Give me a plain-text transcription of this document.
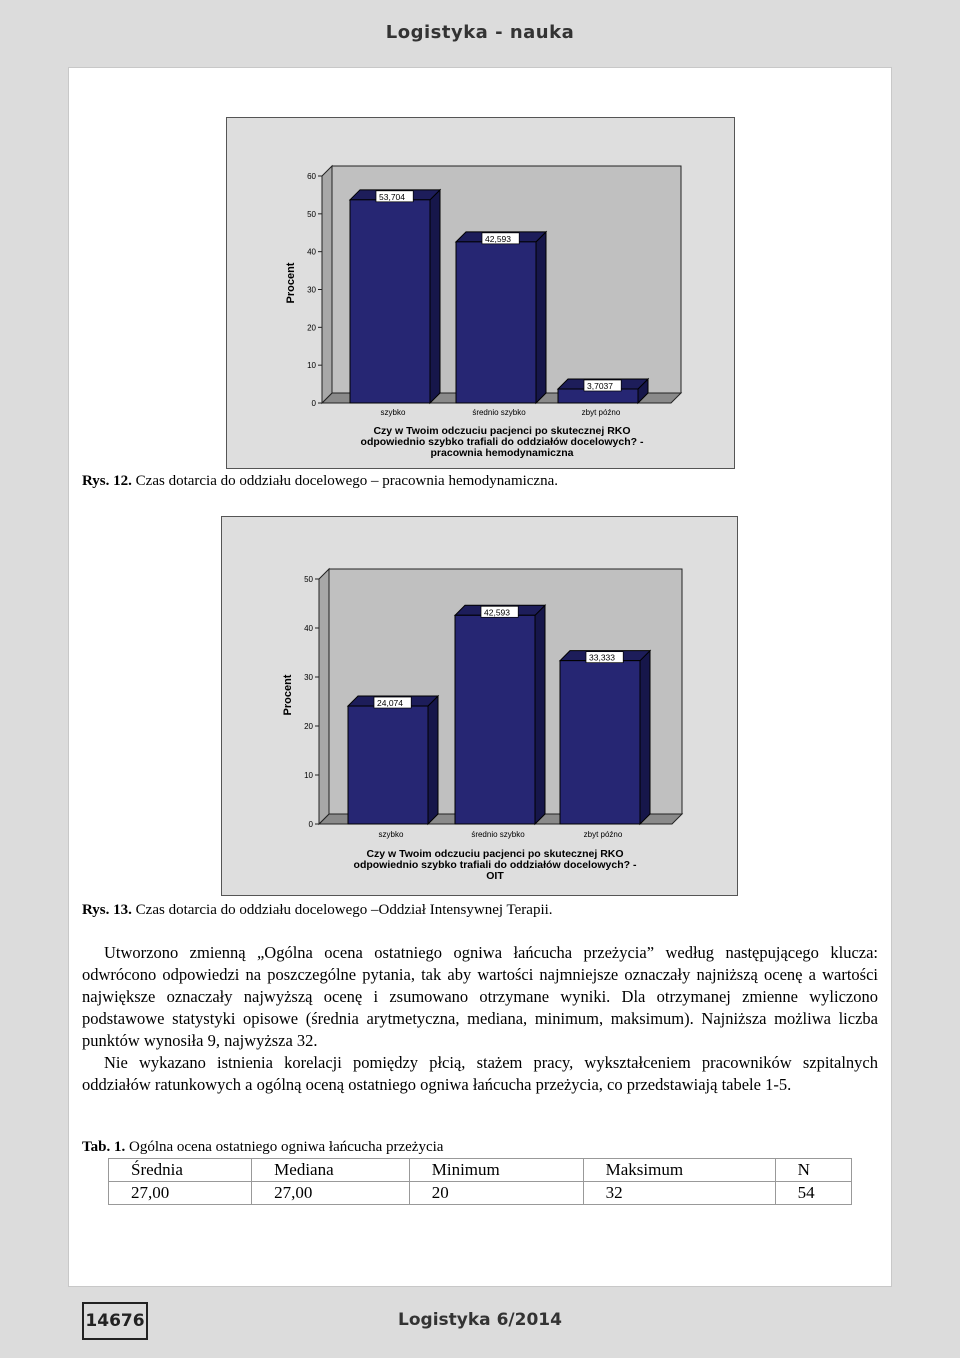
Logistyka - nauka
0
10
20
30
40
50
60
Procent
53,704
szybko
42,593
średnio szybko
3,7037
zbyt późno
Czy w Twoim odczuciu pacjenci po skutecznej RKO
odpowiednio szybko trafiali do oddziałów docelowych? -
pracownia hemodynamiczna
Rys. 12. Czas dotarcia do oddziału docelowego – pracownia hemodynamiczna.
0
10
20
30
40
50
Procent	24,074
szybko
42,593
średnio szybko
33,333
zbyt późno
Czy w Twoim odczuciu pacjenci po skutecznej RKO
odpowiednio szybko trafiali do oddziałów docelowych? -
OIT
Rys. 13. Czas dotarcia do oddziału docelowego –Oddział Intensywnej Terapii.

Utworzono zmienną „Ogólna ocena ostatniego ogniwa łańcucha przeżycia” według następującego klucza: odwrócono odpowiedzi na poszczególne pytania, tak aby wartości najmniejsze oznaczały najniższą ocenę a wartości największe oznaczały najwyższą ocenę i zsumowano otrzymane wyniki. Dla otrzymanej zmienne wyliczono podstawowe statystyki opisowe (średnia arytmetyczna, mediana, minimum, maksimum). Najniższa możliwa liczba punktów wynosiła 9, najwyższa 32.

Nie wykazano istnienia korelacji pomiędzy płcią, stażem pracy, wykształceniem pracowników szpitalnych oddziałów ratunkowych a ogólną oceną ostatniego ogniwa łańcucha przeżycia, co przedstawiają tabele 1-5.

Tab. 1. Ogólna ocena ostatniego ogniwa łańcucha przeżycia
Średnia	Mediana	Minimum	Maksimum	N
27,00	27,00	20	32	54
14676	Logistyka 6/2014
